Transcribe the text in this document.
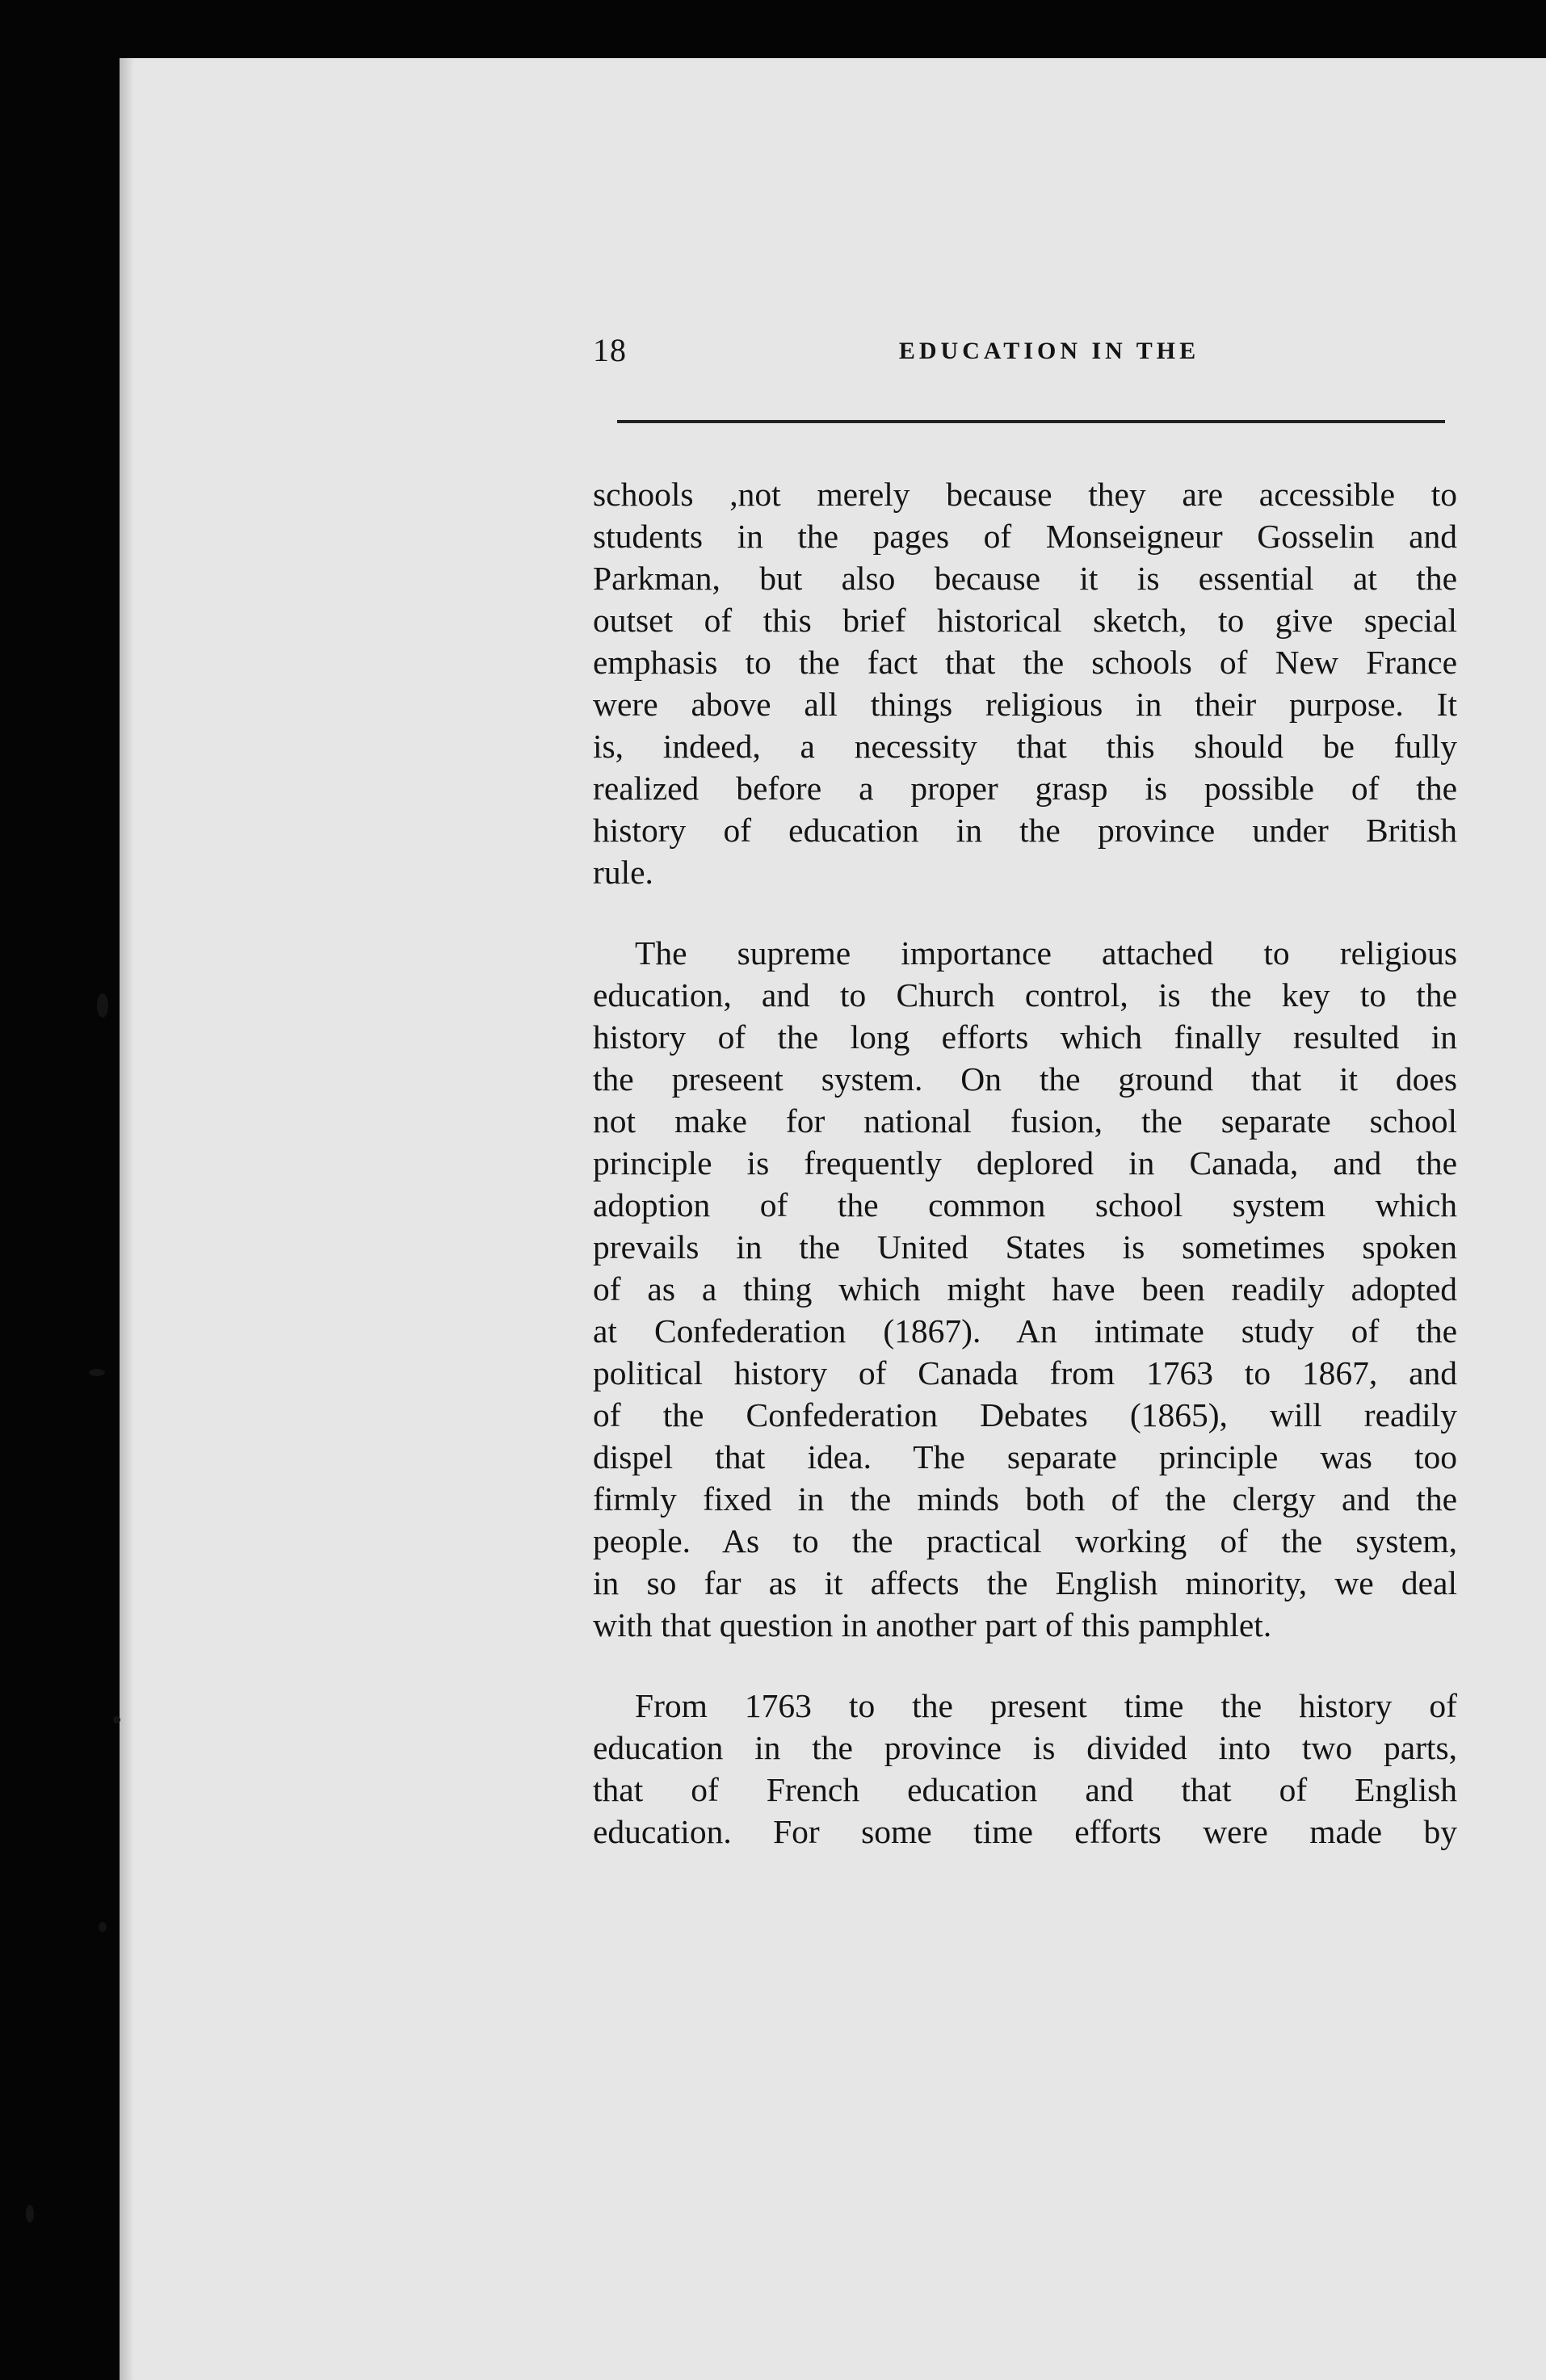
18	EDUCATION IN THE

schools ,not merely because they are accessible to
students in the pages of Monseigneur Gosselin and
Parkman, but also because it is essential at the
outset of this brief historical sketch, to give special
emphasis to the fact that the schools of New France
were above all things religious in their purpose. It
is, indeed, a necessity that this should be fully
realized before a proper grasp is possible of the
history of education in the province under British
rule.

The supreme importance attached to religious
education, and to Church control, is the key to the
history of the long efforts which finally resulted in
the preseent system. On the ground that it does
not make for national fusion, the separate school
principle is frequently deplored in Canada, and the
adoption of the common school system which
prevails in the United States is sometimes spoken
of as a thing which might have been readily adopted
at Confederation (1867). An intimate study of the
political history of Canada from 1763 to 1867, and
of the Confederation Debates (1865), will readily
dispel that idea. The separate principle was too
firmly fixed in the minds both of the clergy and the
people. As to the practical working of the system,
in so far as it affects the English minority, we deal
with that question in another part of this pamphlet.

From 1763 to the present time the history of
education in the province is divided into two parts,
that of French education and that of English
education. For some time efforts were made by
